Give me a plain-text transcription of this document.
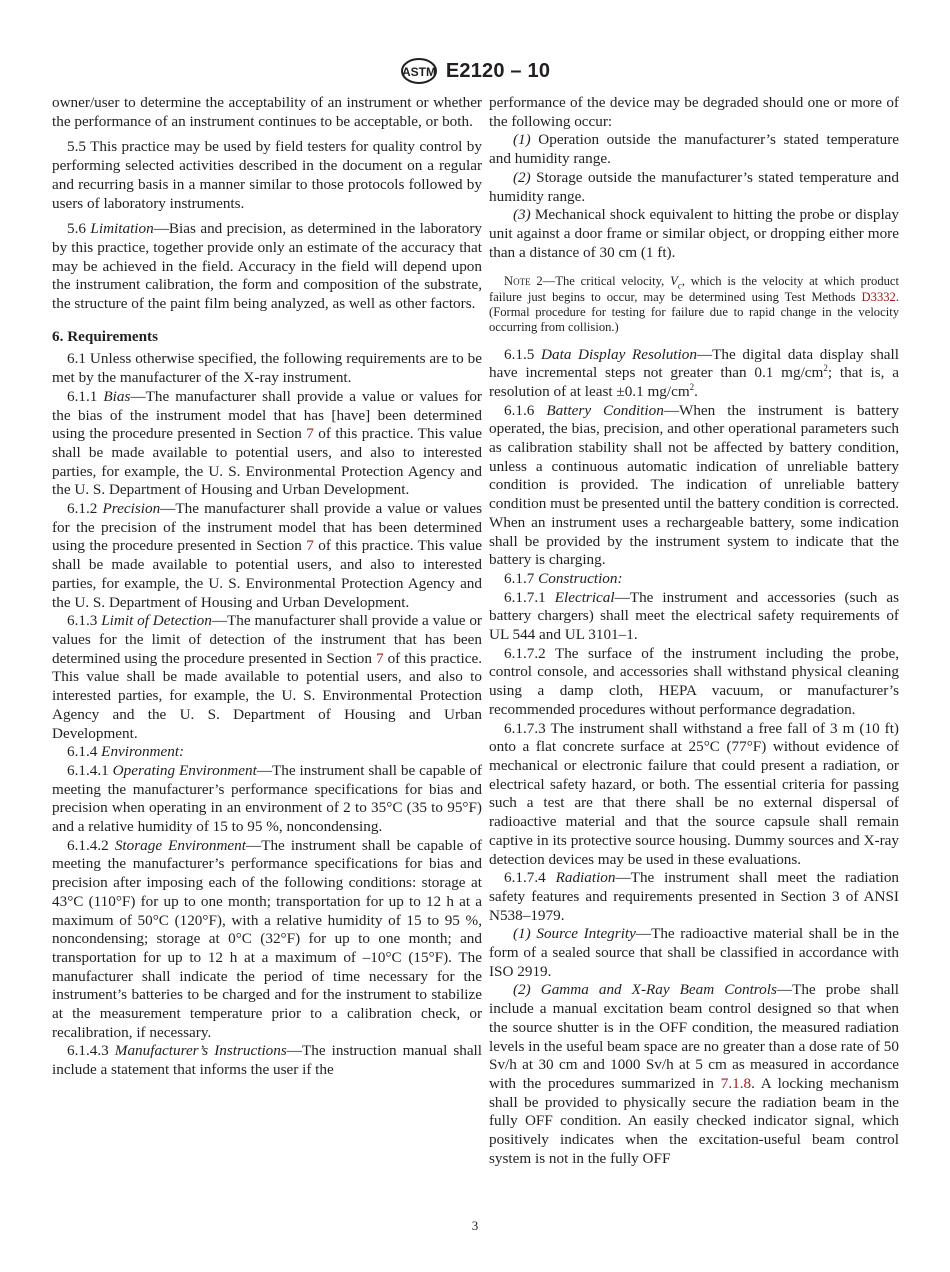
ASTM E2120 – 10

owner/user to determine the acceptability of an instrument or whether the performance of an instrument continues to be acceptable, or both.

5.5 This practice may be used by field testers for quality control by performing selected activities described in the document on a regular and recurring basis in a manner similar to those protocols followed by users of laboratory instruments.

5.6 Limitation—Bias and precision, as determined in the laboratory by this practice, together provide only an estimate of the accuracy that may be achieved in the field. Accuracy in the field will depend upon the instrument calibration, the form and composition of the substrate, the structure of the paint film being analyzed, as well as other factors.

6. Requirements

6.1 Unless otherwise specified, the following requirements are to be met by the manufacturer of the X-ray instrument.

6.1.1 Bias—The manufacturer shall provide a value or values for the bias of the instrument model that has [have] been determined using the procedure presented in Section 7 of this practice. This value shall be made available to potential users, and also to interested parties, for example, the U. S. Environmental Protection Agency and the U. S. Department of Housing and Urban Development.

6.1.2 Precision—The manufacturer shall provide a value or values for the precision of the instrument model that has been determined using the procedure presented in Section 7 of this practice. This value shall be made available to potential users, and also to interested parties, for example, the U. S. Environmental Protection Agency and the U. S. Department of Housing and Urban Development.

6.1.3 Limit of Detection—The manufacturer shall provide a value or values for the limit of detection of the instrument that has been determined using the procedure presented in Section 7 of this practice. This value shall be made available to potential users, and also to interested parties, for example, the U. S. Environmental Protection Agency and the U. S. Department of Housing and Urban Development.

6.1.4 Environment:

6.1.4.1 Operating Environment—The instrument shall be capable of meeting the manufacturer’s performance specifications for bias and precision when operating in an environment of 2 to 35°C (35 to 95°F) and a relative humidity of 15 to 95 %, noncondensing.

6.1.4.2 Storage Environment—The instrument shall be capable of meeting the manufacturer’s performance specifications for bias and precision after imposing each of the following conditions: storage at 43°C (110°F) for up to one month; transportation for up to 12 h at a maximum of 50°C (120°F), with a relative humidity of 15 to 95 %, noncondensing; storage at 0°C (32°F) for up to one month; and transportation for up to 12 h at a maximum of –10°C (15°F). The manufacturer shall indicate the period of time necessary for the instrument’s batteries to be charged and for the instrument to stabilize at the measurement temperature prior to a calibration check, or recalibration, if necessary.

6.1.4.3 Manufacturer’s Instructions—The instruction manual shall include a statement that informs the user if the

performance of the device may be degraded should one or more of the following occur:

(1) Operation outside the manufacturer’s stated temperature and humidity range.

(2) Storage outside the manufacturer’s stated temperature and humidity range.

(3) Mechanical shock equivalent to hitting the probe or display unit against a door frame or similar object, or dropping either more than a distance of 30 cm (1 ft).

Note 2—The critical velocity, $V_c$, which is the velocity at which product failure just begins to occur, may be determined using Test Methods D3332. (Formal procedure for testing for failure due to rapid change in the velocity occurring from collision.)

6.1.5 Data Display Resolution—The digital data display shall have incremental steps not greater than 0.1 $mg/cm^2$; that is, a resolution of at least ±0.1 $mg/cm^2$.

6.1.6 Battery Condition—When the instrument is battery operated, the bias, precision, and other operational parameters such as calibration stability shall not be affected by battery condition, unless a continuous automatic indication of unreliable battery condition is provided. The indication of unreliable battery condition must be presented until the battery condition is corrected. When an instrument uses a rechargeable battery, some indication shall be provided by the instrument system to indicate that the battery is charging.

6.1.7 Construction:

6.1.7.1 Electrical—The instrument and accessories (such as battery chargers) shall meet the electrical safety requirements of UL 544 and UL 3101–1.

6.1.7.2 The surface of the instrument including the probe, control console, and accessories shall withstand physical cleaning using a damp cloth, HEPA vacuum, or manufacturer’s recommended procedures without performance degradation.

6.1.7.3 The instrument shall withstand a free fall of 3 m (10 ft) onto a flat concrete surface at 25°C (77°F) without evidence of mechanical or electronic failure that could present a radiation, or electrical safety hazard, or both. The essential criteria for passing such a test are that there shall be no external dispersal of radioactive material and that the source capsule shall remain captive in its protective source housing. Dummy sources and X-ray detection devices may be used in these evaluations.

6.1.7.4 Radiation—The instrument shall meet the radiation safety features and requirements presented in Section 3 of ANSI N538–1979.

(1) Source Integrity—The radioactive material shall be in the form of a sealed source that shall be classified in accordance with ISO 2919.

(2) Gamma and X-Ray Beam Controls—The probe shall include a manual excitation beam control designed so that when the source shutter is in the OFF condition, the measured radiation levels in the useful beam space are no greater than a dose rate of 50 Sv/h at 30 cm and 1000 Sv/h at 5 cm as measured in accordance with the procedures summarized in 7.1.8. A locking mechanism shall be provided to physically secure the radiation beam in the fully OFF condition. An easily checked indicator signal, which positively indicates when the excitation-useful beam control system is not in the fully OFF

3
